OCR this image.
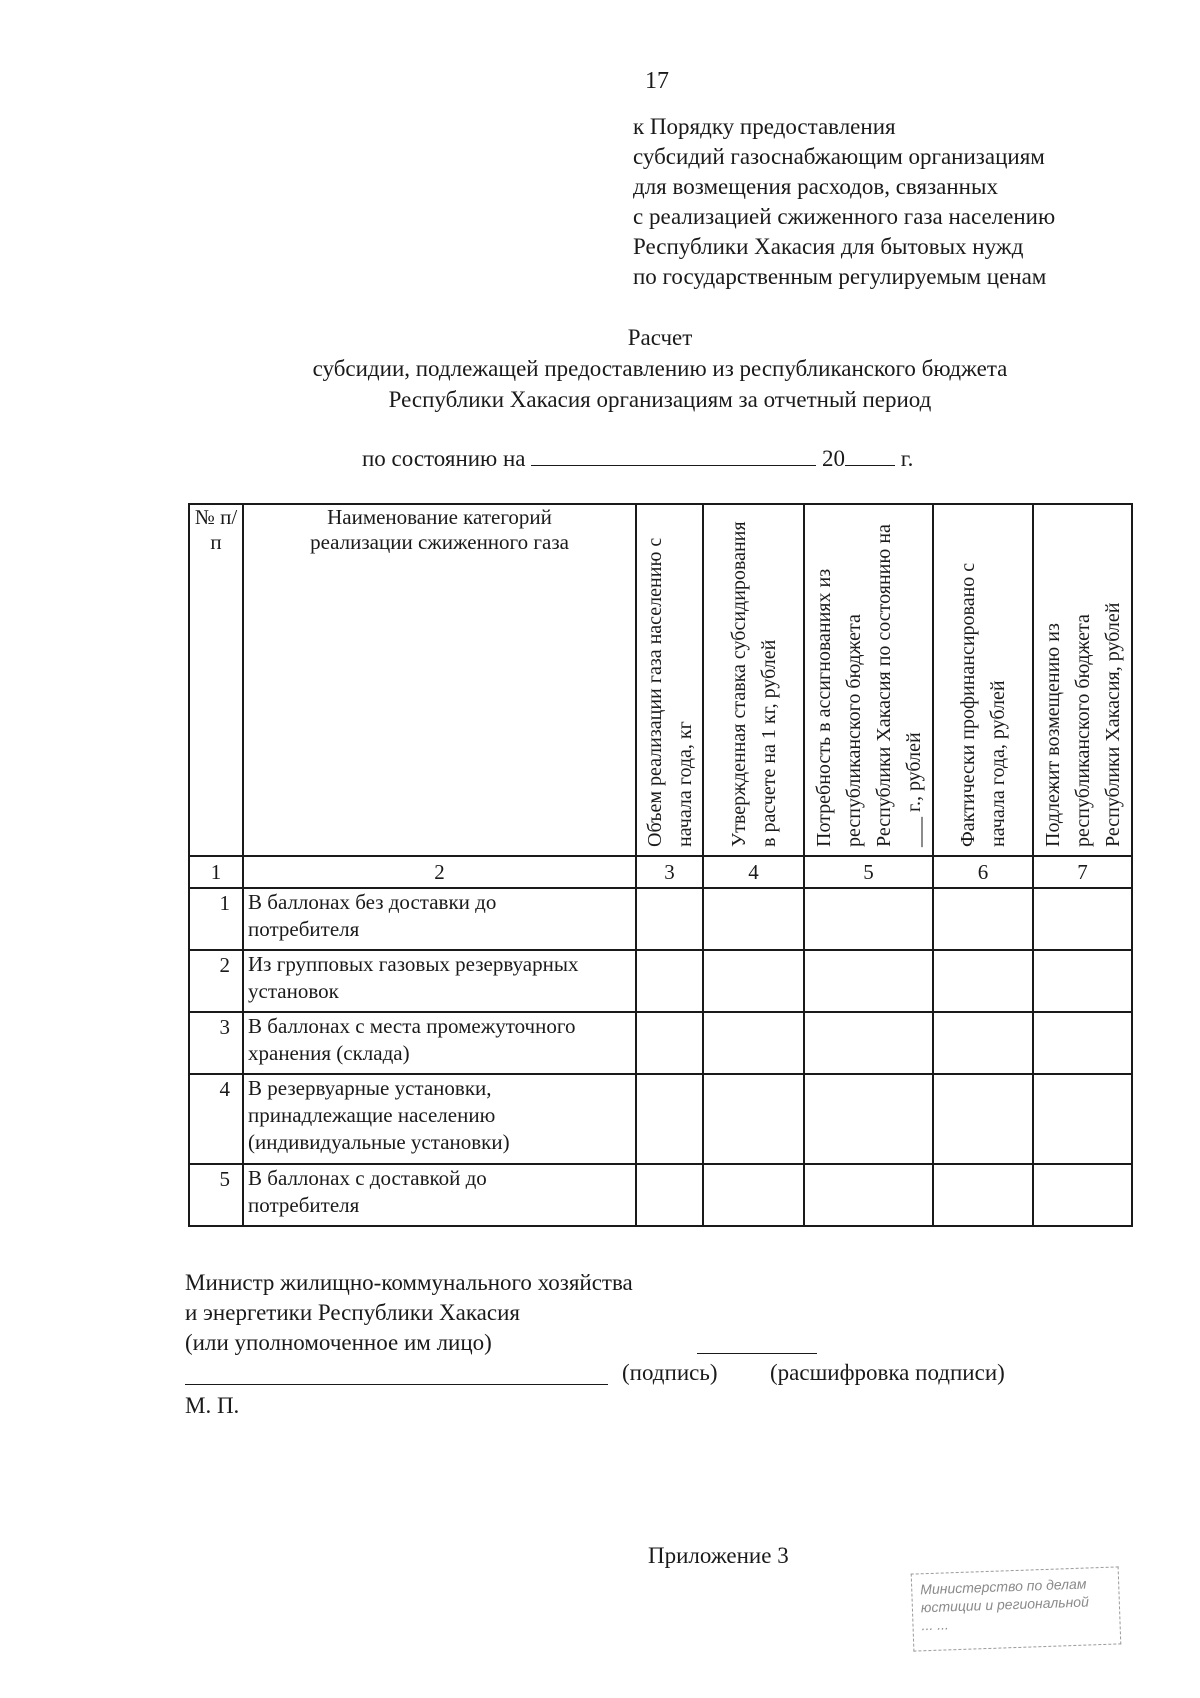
17
к Порядку предоставления
субсидий газоснабжающим организациям
для возмещения расходов, связанных
с реализацией сжиженного газа населению
Республики Хакасия для бытовых нужд
по государственным регулируемым ценам
Расчет
субсидии, подлежащей предоставлению из республиканского бюджета
Республики Хакасия организациям за отчетный период
по состоянию на	20 г.
№ п/п	Наименование категорий реализации сжиженного газа	Объем реализации газа населению с начала года, кг	Утвержденная ставка субсидирования в расчете на 1 кг, рублей	Потребность в ассигнованиях из республиканского бюджета Республики Хакасия по состоянию на ___ г., рублей	Фактически профинансировано с начала года, рублей	Подлежит возмещению из республиканского бюджета Республики Хакасия, рублей

1	2	3	4	5	6	7
1	В баллонах без доставки до потребителя					
2	Из групповых газовых резервуарных установок					
3	В баллонах с места промежуточного хранения (склада)					
4	В резервуарные установки, принадлежащие населению (индивидуальные установки)					
5	В баллонах с доставкой до потребителя					
Министр жилищно-коммунального хозяйства
и энергетики Республики Хакасия
(или уполномоченное им лицо)
(подпись) (расшифровка подписи)
М. П.
Приложение 3
Министерство по делам
юстиции и региональной
... ...
